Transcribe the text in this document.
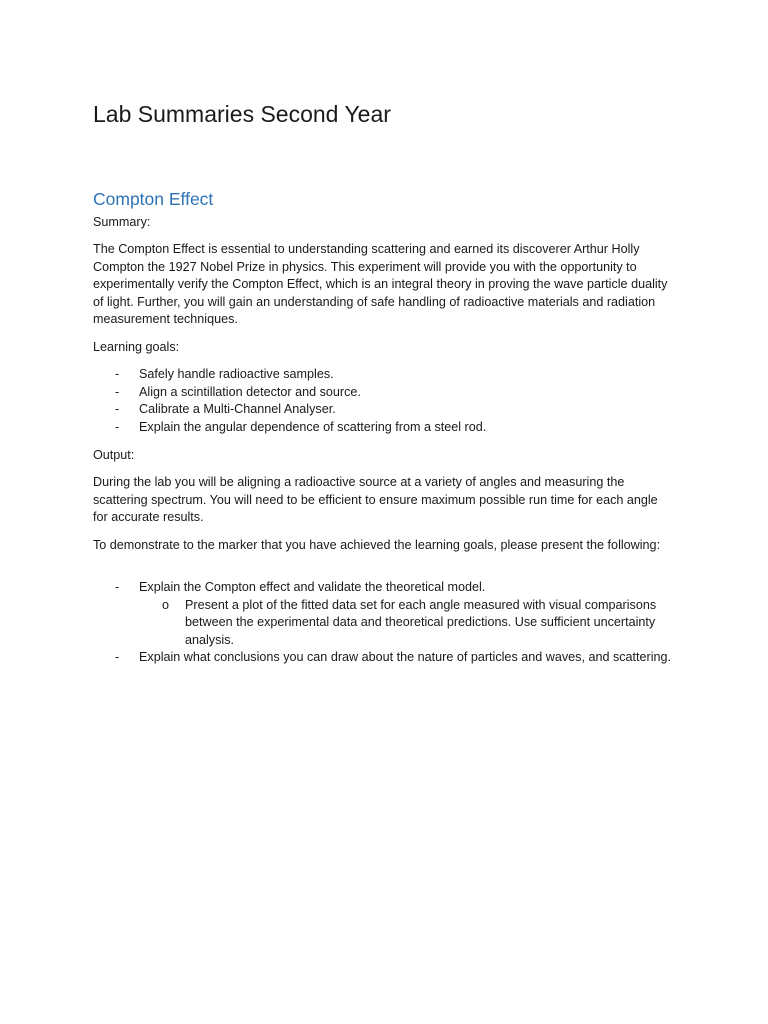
Lab Summaries Second Year
Compton Effect

Summary:

The Compton Effect is essential to understanding scattering and earned its discoverer Arthur Holly Compton the 1927 Nobel Prize in physics. This experiment will provide you with the opportunity to experimentally verify the Compton Effect, which is an integral theory in proving the wave particle duality of light. Further, you will gain an understanding of safe handling of radioactive materials and radiation measurement techniques.

Learning goals:

- Safely handle radioactive samples.
- Align a scintillation detector and source.
- Calibrate a Multi-Channel Analyser.
- Explain the angular dependence of scattering from a steel rod.

Output:

During the lab you will be aligning a radioactive source at a variety of angles and measuring the scattering spectrum. You will need to be efficient to ensure maximum possible run time for each angle for accurate results.

To demonstrate to the marker that you have achieved the learning goals, please present the following:

- Explain the Compton effect and validate the theoretical model.
o Present a plot of the fitted data set for each angle measured with visual comparisons between the experimental data and theoretical predictions. Use sufficient uncertainty analysis.
- Explain what conclusions you can draw about the nature of particles and waves, and scattering.
